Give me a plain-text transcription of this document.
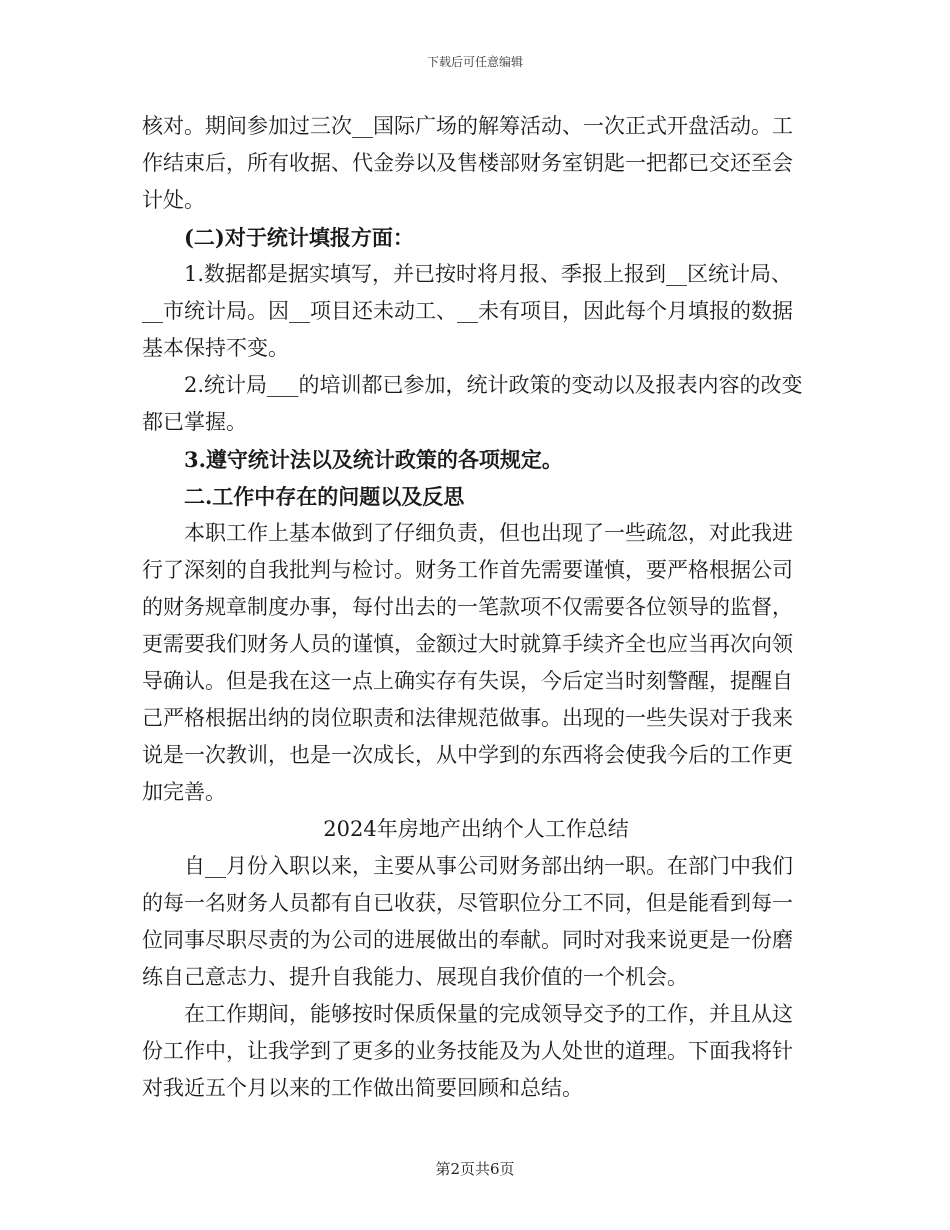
下载后可任意编辑

核对。期间参加过三次__国际广场的解筹活动、一次正式开盘活动。工作结束后，所有收据、代金券以及售楼部财务室钥匙一把都已交还至会计处。

(二)对于统计填报方面：

1.数据都是据实填写，并已按时将月报、季报上报到__区统计局、__市统计局。因__项目还未动工、__未有项目，因此每个月填报的数据基本保持不变。

2.统计局___的培训都已参加，统计政策的变动以及报表内容的改变都已掌握。

3.遵守统计法以及统计政策的各项规定。

二.工作中存在的问题以及反思

本职工作上基本做到了仔细负责，但也出现了一些疏忽，对此我进行了深刻的自我批判与检讨。财务工作首先需要谨慎，要严格根据公司的财务规章制度办事，每付出去的一笔款项不仅需要各位领导的监督，更需要我们财务人员的谨慎，金额过大时就算手续齐全也应当再次向领导确认。但是我在这一点上确实存有失误，今后定当时刻警醒，提醒自己严格根据出纳的岗位职责和法律规范做事。出现的一些失误对于我来说是一次教训，也是一次成长，从中学到的东西将会使我今后的工作更加完善。

2024年房地产出纳个人工作总结

自__月份入职以来，主要从事公司财务部出纳一职。在部门中我们的每一名财务人员都有自已收获，尽管职位分工不同，但是能看到每一位同事尽职尽责的为公司的进展做出的奉献。同时对我来说更是一份磨练自己意志力、提升自我能力、展现自我价值的一个机会。

在工作期间，能够按时保质保量的完成领导交予的工作，并且从这份工作中，让我学到了更多的业务技能及为人处世的道理。下面我将针对我近五个月以来的工作做出简要回顾和总结。

第2页共6页
